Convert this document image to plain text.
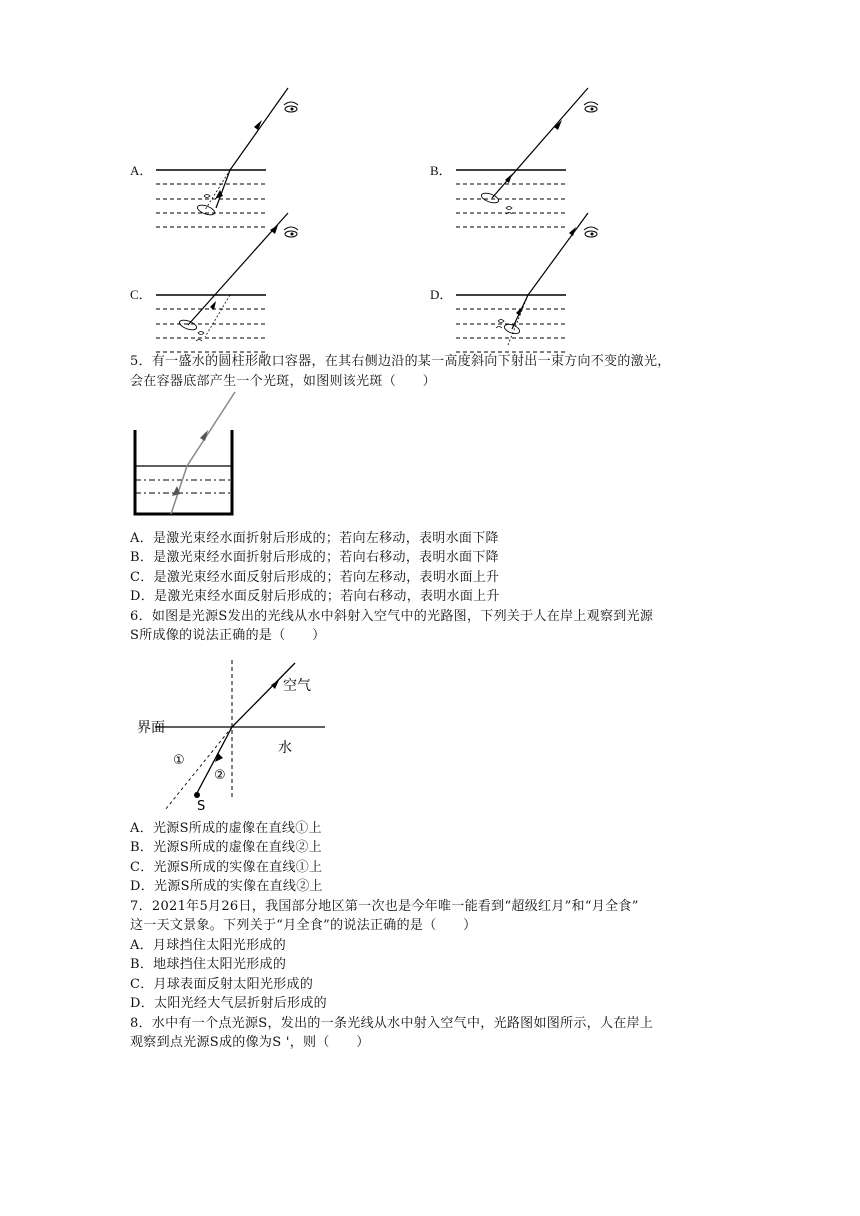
A．	B．
C．	D．
5．有一盛水的圆柱形敞口容器，在其右侧边沿的某一高度斜向下射出一束方向不变的激光，
会在容器底部产生一个光斑，如图则该光斑（　　）
A．是激光束经水面折射后形成的；若向左移动，表明水面下降
B．是激光束经水面折射后形成的；若向右移动，表明水面下降
C．是激光束经水面反射后形成的；若向左移动，表明水面上升
D．是激光束经水面反射后形成的；若向右移动，表明水面上升
6．如图是光源S发出的光线从水中斜射入空气中的光路图，下列关于人在岸上观察到光源
S所成像的说法正确的是（　　）
空气
界面
水
①
②
S
A．光源S所成的虚像在直线①上
B．光源S所成的虚像在直线②上
C．光源S所成的实像在直线①上
D．光源S所成的实像在直线②上
7．2021年5月26日，我国部分地区第一次也是今年唯一能看到“超级红月”和“月全食”
这一天文景象。下列关于“月全食”的说法正确的是（　　）
A．月球挡住太阳光形成的
B．地球挡住太阳光形成的
C．月球表面反射太阳光形成的
D．太阳光经大气层折射后形成的
8．水中有一个点光源S，发出的一条光线从水中射入空气中，光路图如图所示，人在岸上
观察到点光源S成的像为S '，则（　　）
